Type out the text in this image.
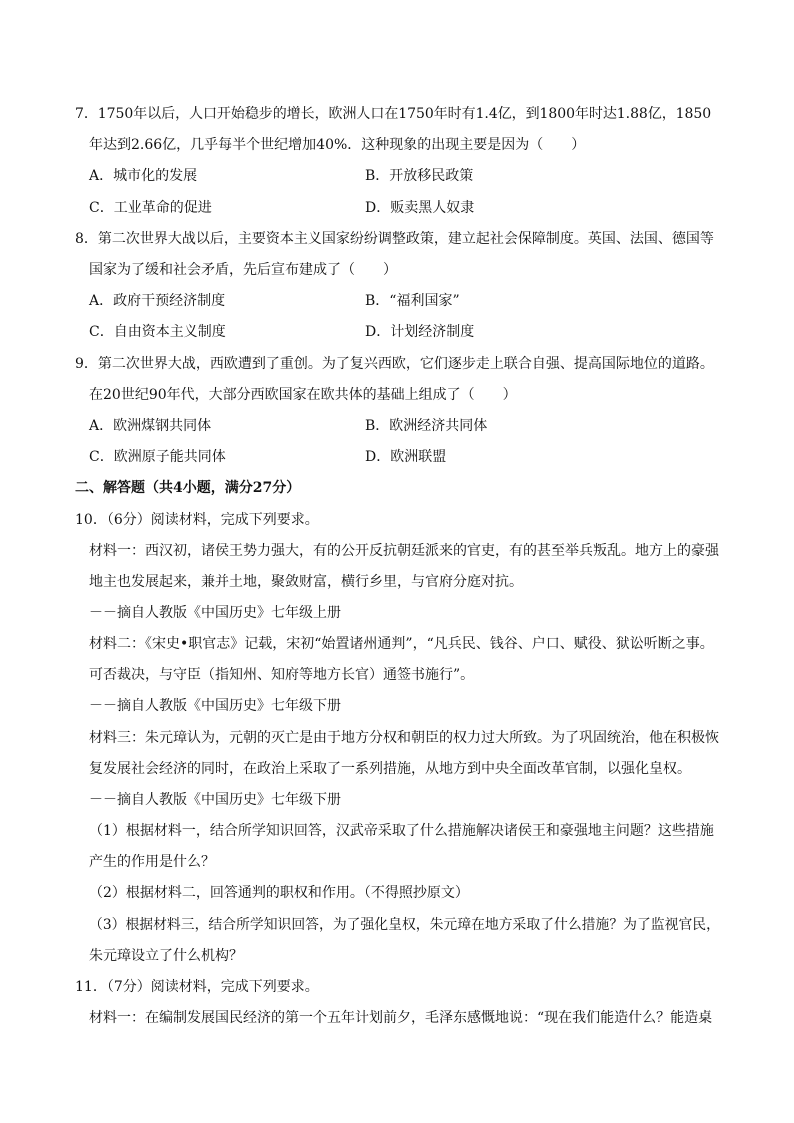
7．1750年以后，人口开始稳步的增长，欧洲人口在1750年时有1.4亿，到1800年时达1.88亿，1850
年达到2.66亿，几乎每半个世纪增加40%．这种现象的出现主要是因为（　　）
A．城市化的发展	B．开放移民政策
C．工业革命的促进	D．贩卖黑人奴隶
8．第二次世界大战以后，主要资本主义国家纷纷调整政策，建立起社会保障制度。英国、法国、德国等
国家为了缓和社会矛盾，先后宣布建成了（　　）
A．政府干预经济制度	B．“福利国家”
C．自由资本主义制度	D．计划经济制度
9．第二次世界大战，西欧遭到了重创。为了复兴西欧，它们逐步走上联合自强、提高国际地位的道路。
在20世纪90年代，大部分西欧国家在欧共体的基础上组成了（　　）
A．欧洲煤钢共同体	B．欧洲经济共同体
C．欧洲原子能共同体	D．欧洲联盟
二、解答题（共4小题，满分27分）
10．（6分）阅读材料，完成下列要求。
材料一：西汉初，诸侯王势力强大，有的公开反抗朝廷派来的官吏，有的甚至举兵叛乱。地方上的豪强
地主也发展起来，兼并土地，聚敛财富，横行乡里，与官府分庭对抗。
－－摘自人教版《中国历史》七年级上册
材料二：《宋史•职官志》记载，宋初“始置诸州通判”，“凡兵民、钱谷、户口、赋役、狱讼听断之事。
可否裁决，与守臣（指知州、知府等地方长官）通签书施行”。
－－摘自人教版《中国历史》七年级下册
材料三：朱元璋认为，元朝的灭亡是由于地方分权和朝臣的权力过大所致。为了巩固统治，他在积极恢
复发展社会经济的同时，在政治上采取了一系列措施，从地方到中央全面改革官制，以强化皇权。
－－摘自人教版《中国历史》七年级下册
（1）根据材料一，结合所学知识回答，汉武帝采取了什么措施解决诸侯王和豪强地主问题？这些措施
产生的作用是什么？
（2）根据材料二，回答通判的职权和作用。（不得照抄原文）
（3）根据材料三，结合所学知识回答，为了强化皇权，朱元璋在地方采取了什么措施？为了监视官民，
朱元璋设立了什么机构？
11．（7分）阅读材料，完成下列要求。
材料一：在编制发展国民经济的第一个五年计划前夕，毛泽东感慨地说：“现在我们能造什么？能造桌
